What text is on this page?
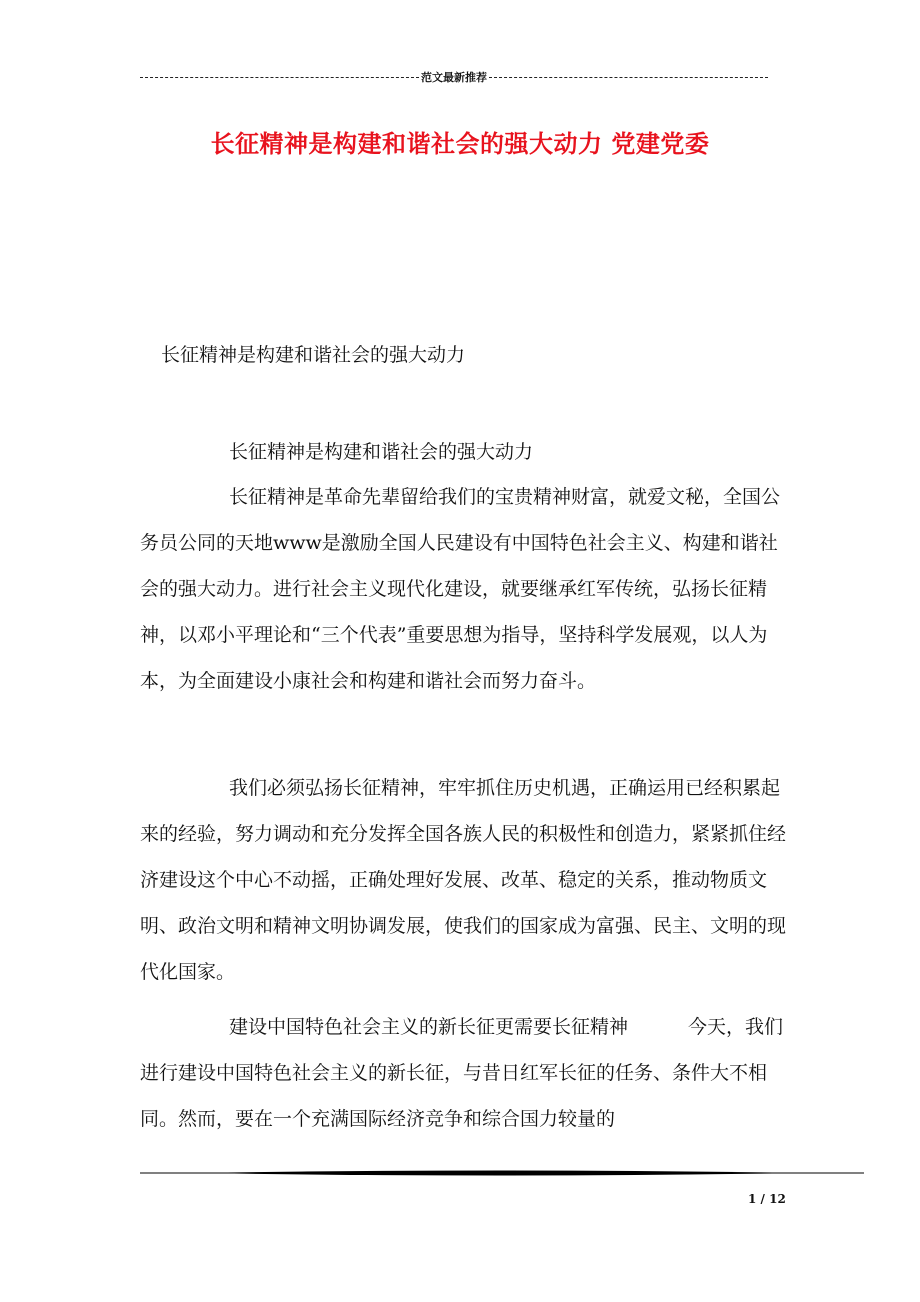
范文最新推荐
长征精神是构建和谐社会的强大动力 党建党委
长征精神是构建和谐社会的强大动力
长征精神是构建和谐社会的强大动力

长征精神是革命先辈留给我们的宝贵精神财富，就爱文秘，全国公务员公同的天地www是激励全国人民建设有中国特色社会主义、构建和谐社会的强大动力。进行社会主义现代化建设，就要继承红军传统，弘扬长征精神，以邓小平理论和“三个代表”重要思想为指导，坚持科学发展观，以人为本，为全面建设小康社会和构建和谐社会而努力奋斗。

我们必须弘扬长征精神，牢牢抓住历史机遇，正确运用已经积累起来的经验，努力调动和充分发挥全国各族人民的积极性和创造力，紧紧抓住经济建设这个中心不动摇，正确处理好发展、改革、稳定的关系，推动物质文明、政治文明和精神文明协调发展，使我们的国家成为富强、民主、文明的现代化国家。

建设中国特色社会主义的新长征更需要长征精神	今天，我们进行建设中国特色社会主义的新长征，与昔日红军长征的任务、条件大不相同。然而，要在一个充满国际经济竞争和综合国力较量的

1 / 12
